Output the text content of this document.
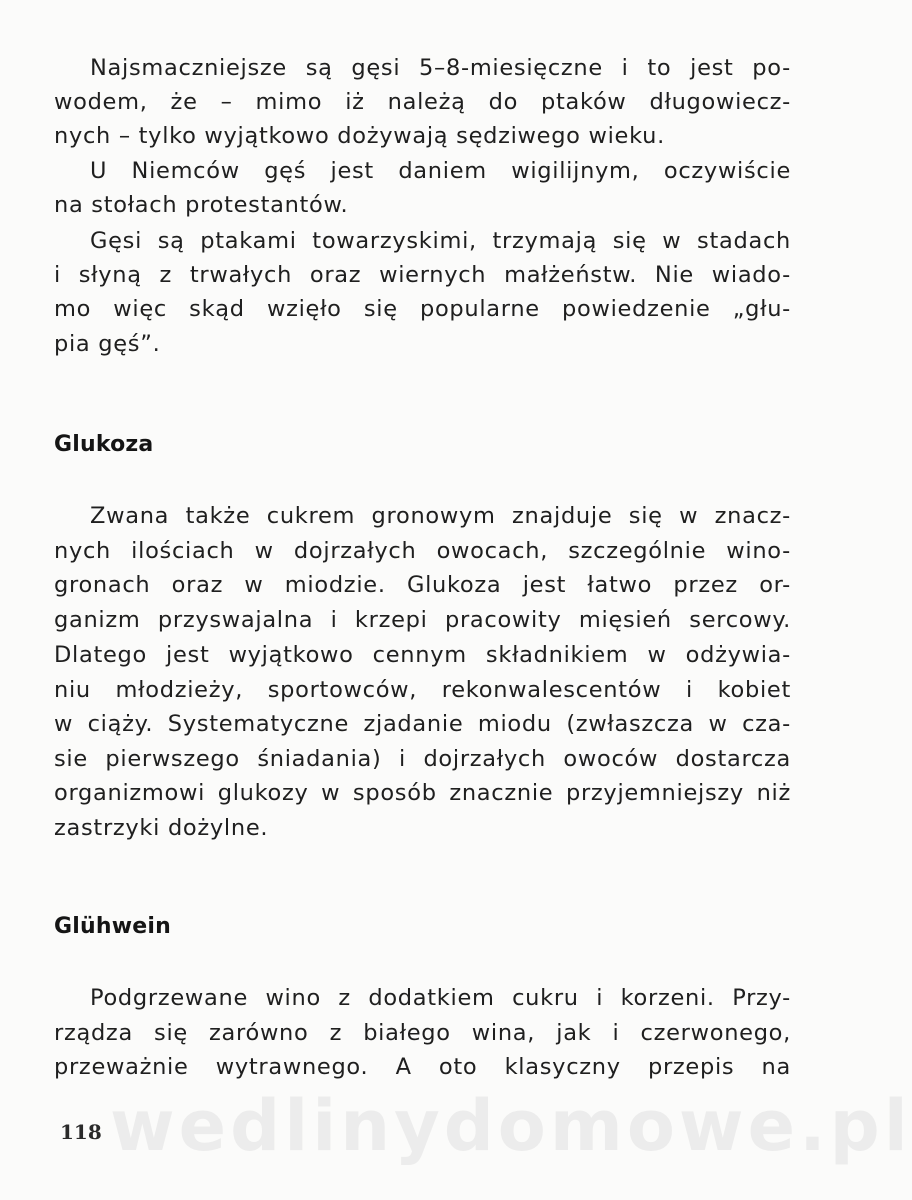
Najsmaczniejsze są gęsi 5–8-miesięczne i to jest po-
wodem, że – mimo iż należą do ptaków długowiecz-
nych – tylko wyjątkowo dożywają sędziwego wieku.
U Niemców gęś jest daniem wigilijnym, oczywiście
na stołach protestantów.
Gęsi są ptakami towarzyskimi, trzymają się w stadach
i słyną z trwałych oraz wiernych małżeństw. Nie wiado-
mo więc skąd wzięło się popularne powiedzenie „głu-
pia gęś”.
Glukoza
Zwana także cukrem gronowym znajduje się w znacz-
nych ilościach w dojrzałych owocach, szczególnie wino-
gronach oraz w miodzie. Glukoza jest łatwo przez or-
ganizm przyswajalna i krzepi pracowity mięsień sercowy.
Dlatego jest wyjątkowo cennym składnikiem w odżywia-
niu młodzieży, sportowców, rekonwalescentów i kobiet
w ciąży. Systematyczne zjadanie miodu (zwłaszcza w cza-
sie pierwszego śniadania) i dojrzałych owoców dostarcza
organizmowi glukozy w sposób znacznie przyjemniejszy niż
zastrzyki dożylne.
Glühwein
Podgrzewane wino z dodatkiem cukru i korzeni. Przy-
rządza się zarówno z białego wina, jak i czerwonego,
przeważnie wytrawnego. A oto klasyczny przepis na
wedlinydomowe.pl
118
